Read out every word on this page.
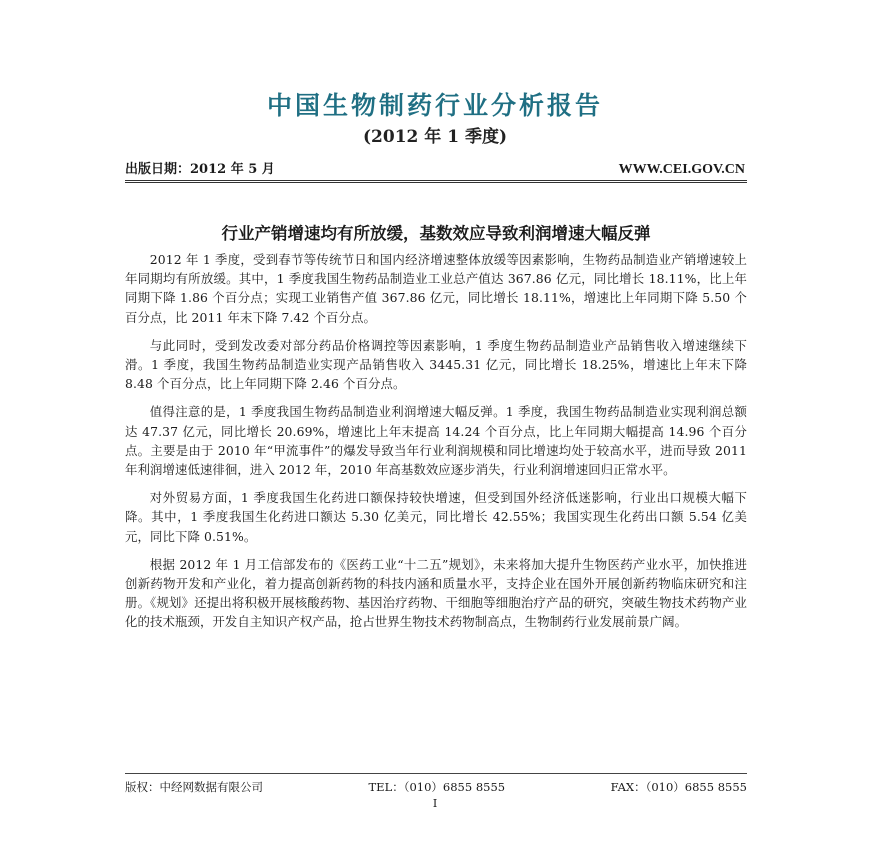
中国生物制药行业分析报告
(2012 年 1 季度)
出版日期：2012 年 5 月	WWW.CEI.GOV.CN
行业产销增速均有所放缓，基数效应导致利润增速大幅反弹

2012 年 1 季度，受到春节等传统节日和国内经济增速整体放缓等因素影响，生物药品制造业产销增速较上年同期均有所放缓。其中，1 季度我国生物药品制造业工业总产值达 367.86 亿元，同比增长 18.11%，比上年同期下降 1.86 个百分点；实现工业销售产值 367.86 亿元，同比增长 18.11%，增速比上年同期下降 5.50 个百分点，比 2011 年末下降 7.42 个百分点。

与此同时，受到发改委对部分药品价格调控等因素影响，1 季度生物药品制造业产品销售收入增速继续下滑。1 季度，我国生物药品制造业实现产品销售收入 3445.31 亿元，同比增长 18.25%，增速比上年末下降 8.48 个百分点，比上年同期下降 2.46 个百分点。

值得注意的是，1 季度我国生物药品制造业利润增速大幅反弹。1 季度，我国生物药品制造业实现利润总额达 47.37 亿元，同比增长 20.69%，增速比上年末提高 14.24 个百分点，比上年同期大幅提高 14.96 个百分点。主要是由于 2010 年“甲流事件”的爆发导致当年行业利润规模和同比增速均处于较高水平，进而导致 2011 年利润增速低速徘徊，进入 2012 年，2010 年高基数效应逐步消失，行业利润增速回归正常水平。

对外贸易方面，1 季度我国生化药进口额保持较快增速，但受到国外经济低迷影响，行业出口规模大幅下降。其中，1 季度我国生化药进口额达 5.30 亿美元，同比增长 42.55%；我国实现生化药出口额 5.54 亿美元，同比下降 0.51%。

根据 2012 年 1 月工信部发布的《医药工业“十二五”规划》，未来将加大提升生物医药产业水平，加快推进创新药物开发和产业化，着力提高创新药物的科技内涵和质量水平，支持企业在国外开展创新药物临床研究和注册。《规划》还提出将积极开展核酸药物、基因治疗药物、干细胞等细胞治疗产品的研究，突破生物技术药物产业化的技术瓶颈，开发自主知识产权产品，抢占世界生物技术药物制高点，生物制药行业发展前景广阔。

版权：中经网数据有限公司	TEL：（010）6855 8555	FAX：（010）6855 8555
I
